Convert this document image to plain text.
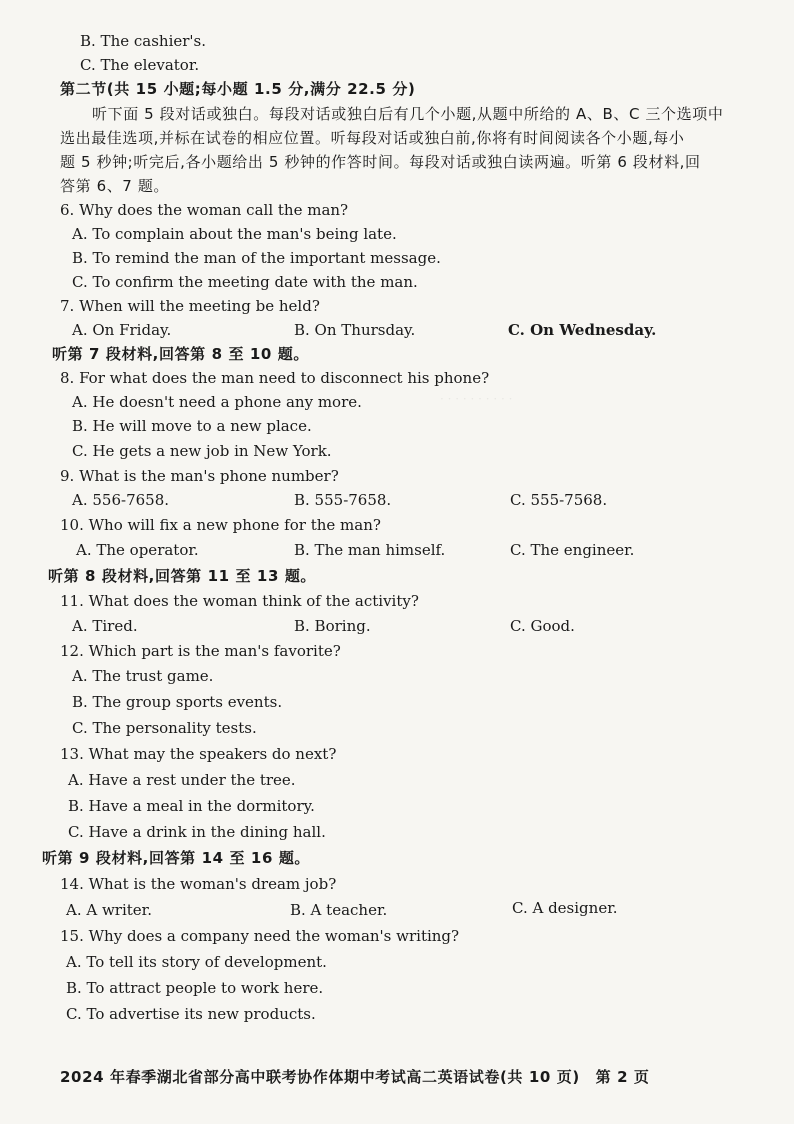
· · · · · · · · · ·
B. The cashier's.
C. The elevator.
第二节(共 15 小题;每小题 1.5 分,满分 22.5 分)
听下面 5 段对话或独白。每段对话或独白后有几个小题,从题中所给的 A、B、C 三个选项中
选出最佳选项,并标在试卷的相应位置。听每段对话或独白前,你将有时间阅读各个小题,每小
题 5 秒钟;听完后,各小题给出 5 秒钟的作答时间。每段对话或独白读两遍。听第 6 段材料,回
答第 6、7 题。
6. Why does the woman call the man?
A. To complain about the man's being late.
B. To remind the man of the important message.
C. To confirm the meeting date with the man.
7. When will the meeting be held?
A. On Friday.	B. On Thursday.	C. On Wednesday.
听第 7 段材料,回答第 8 至 10 题。
8. For what does the man need to disconnect his phone?
A. He doesn't need a phone any more.
B. He will move to a new place.
C. He gets a new job in New York.
9. What is the man's phone number?
A. 556-7658.	B. 555-7658.	C. 555-7568.
10. Who will fix a new phone for the man?
A. The operator.	B. The man himself.	C. The engineer.
听第 8 段材料,回答第 11 至 13 题。
11. What does the woman think of the activity?
A. Tired.	B. Boring.	C. Good.
12. Which part is the man's favorite?
A. The trust game.
B. The group sports events.
C. The personality tests.
13. What may the speakers do next?
A. Have a rest under the tree.
B. Have a meal in the dormitory.
C. Have a drink in the dining hall.
听第 9 段材料,回答第 14 至 16 题。
14. What is the woman's dream job?
A. A writer.	B. A teacher.	C. A designer.
15. Why does a company need the woman's writing?
A. To tell its story of development.
B. To attract people to work here.
C. To advertise its new products.
2024 年春季湖北省部分高中联考协作体期中考试高二英语试卷(共 10 页) 第 2 页
